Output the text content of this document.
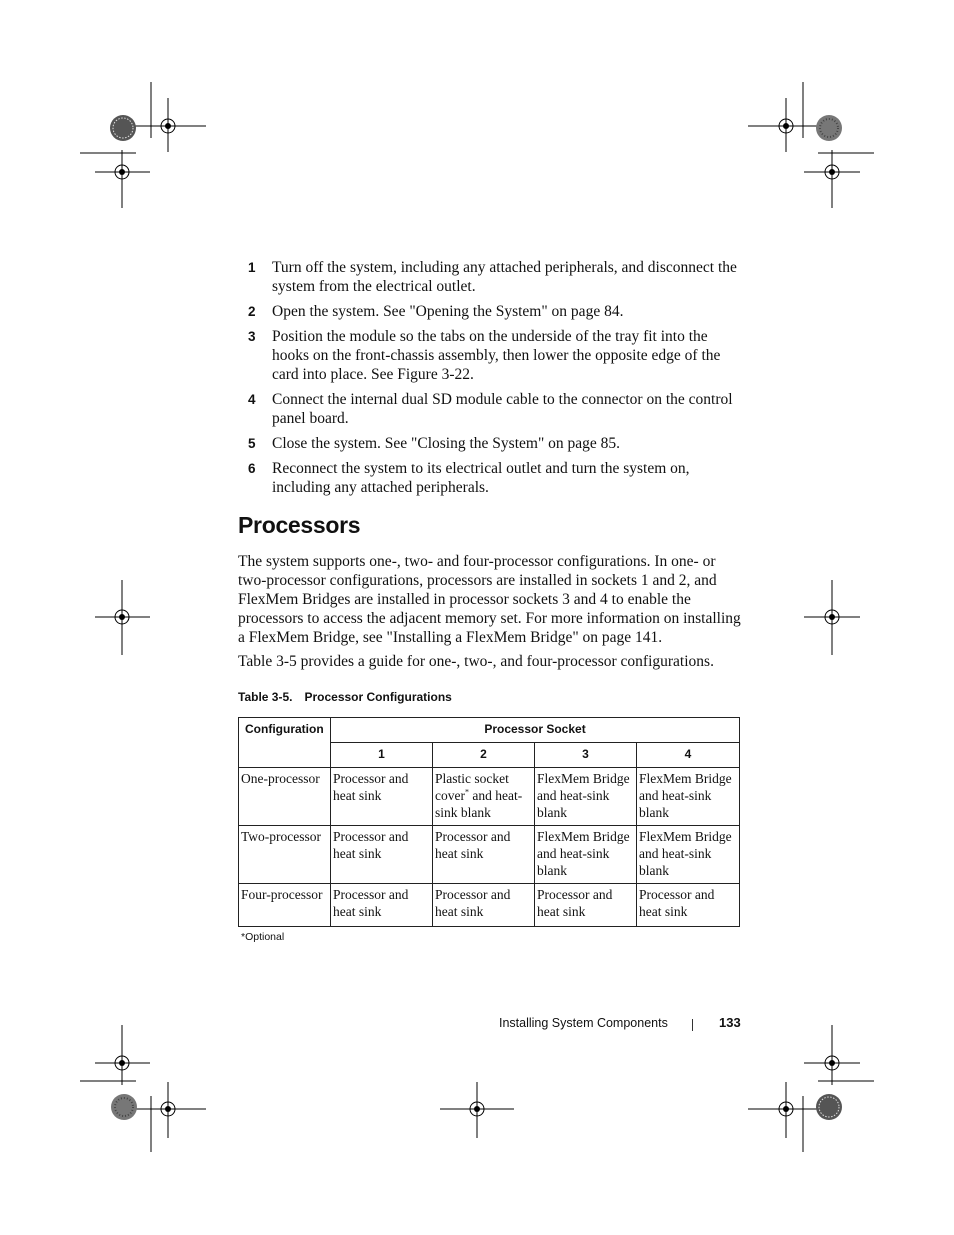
1 Turn off the system, including any attached peripherals, and disconnect the system from the electrical outlet.
2 Open the system. See "Opening the System" on page 84.
3 Position the module so the tabs on the underside of the tray fit into the hooks on the front-chassis assembly, then lower the opposite edge of the card into place. See Figure 3-22.
4 Connect the internal dual SD module cable to the connector on the control panel board.
5 Close the system. See "Closing the System" on page 85.
6 Reconnect the system to its electrical outlet and turn the system on, including any attached peripherals.
Processors

The system supports one-, two- and four-processor configurations. In one- or two-processor configurations, processors are installed in sockets 1 and 2, and FlexMem Bridges are installed in processor sockets 3 and 4 to enable the processors to access the adjacent memory set. For more information on installing a FlexMem Bridge, see "Installing a FlexMem Bridge" on page 141.

Table 3-5 provides a guide for one-, two-, and four-processor configurations.

Table 3-5. Processor Configurations
Configuration	Processor Socket			
	1	2	3	4
One-processor	Processor and heat sink	Plastic socket cover* and heat-sink blank	FlexMem Bridge and heat-sink blank	FlexMem Bridge and heat-sink blank
Two-processor	Processor and heat sink	Processor and heat sink	FlexMem Bridge and heat-sink blank	FlexMem Bridge and heat-sink blank
Four-processor	Processor and heat sink	Processor and heat sink	Processor and heat sink	Processor and heat sink
*Optional
Installing System Components	133
